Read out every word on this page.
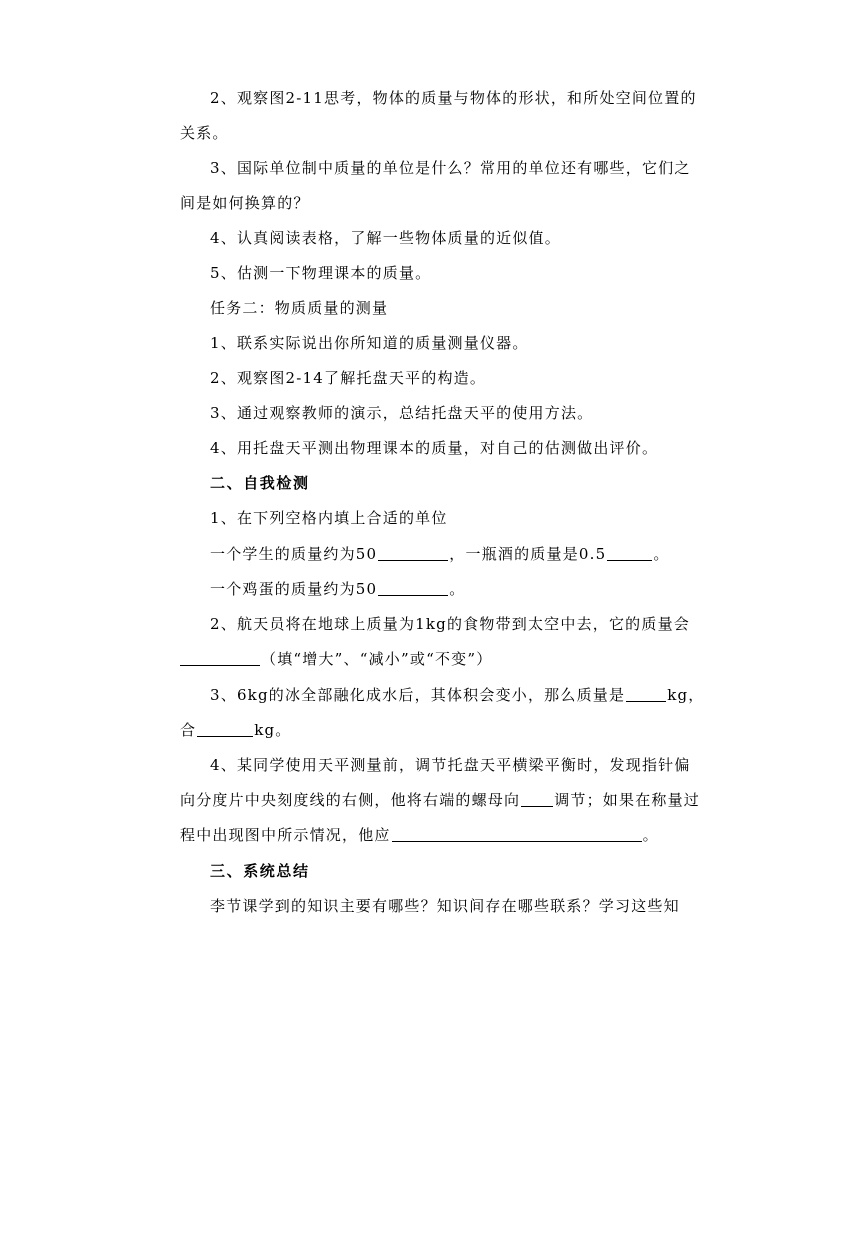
2、观察图2-11思考，物体的质量与物体的形状，和所处空间位置的
关系。
3、国际单位制中质量的单位是什么？常用的单位还有哪些，它们之
间是如何换算的？
4、认真阅读表格，了解一些物体质量的近似值。
5、估测一下物理课本的质量。
任务二：物质质量的测量
1、联系实际说出你所知道的质量测量仪器。
2、观察图2-14了解托盘天平的构造。
3、通过观察教师的演示，总结托盘天平的使用方法。
4、用托盘天平测出物理课本的质量，对自己的估测做出评价。
二、自我检测
1、在下列空格内填上合适的单位
一个学生的质量约为50	，一瓶酒的质量是0.5	。
一个鸡蛋的质量约为50	。
2、航天员将在地球上质量为1kg的食物带到太空中去，它的质量会
（填“增大”、“减小”或“不变”）
3、6kg的冰全部融化成水后，其体积会变小，那么质量是	kg，
合	kg。
4、某同学使用天平测量前，调节托盘天平横梁平衡时，发现指针偏
向分度片中央刻度线的右侧，他将右端的螺母向 调节；如果在称量过
程中出现图中所示情况，他应	。
三、系统总结
李节课学到的知识主要有哪些？知识间存在哪些联系？学习这些知
